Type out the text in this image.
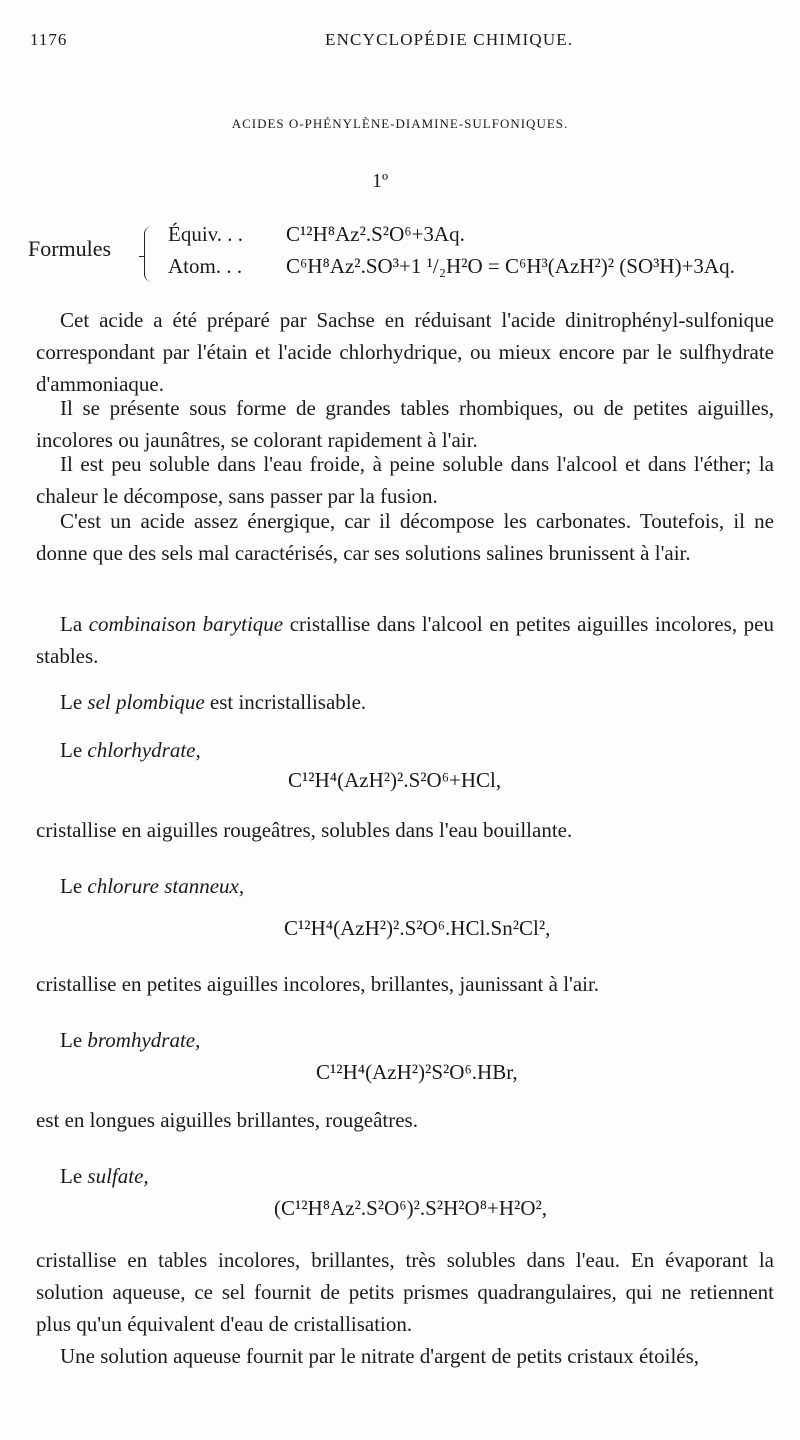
1176	ENCYCLOPÉDIE CHIMIQUE.
ACIDES O-PHÉNYLÈNE-DIAMINE-SULFONIQUES.
1º
Formules
Équiv. . . C¹²H⁸Az².S²O⁶+3Aq.
Atom. . . C⁶H⁸Az².SO³+1 ¹/₂H²O = C⁶H³(AzH²)² (SO³H)+3Aq.

Cet acide a été préparé par Sachse en réduisant l'acide dinitrophényl-sulfonique correspondant par l'étain et l'acide chlorhydrique, ou mieux encore par le sulfhydrate d'ammoniaque.

Il se présente sous forme de grandes tables rhombiques, ou de petites aiguilles, incolores ou jaunâtres, se colorant rapidement à l'air.

Il est peu soluble dans l'eau froide, à peine soluble dans l'alcool et dans l'éther; la chaleur le décompose, sans passer par la fusion.

C'est un acide assez énergique, car il décompose les carbonates. Toutefois, il ne donne que des sels mal caractérisés, car ses solutions salines brunissent à l'air.

La combinaison barytique cristallise dans l'alcool en petites aiguilles incolores, peu stables.

Le sel plombique est incristallisable.

Le chlorhydrate,
C¹²H⁴(AzH²)².S²O⁶+HCl,
cristallise en aiguilles rougeâtres, solubles dans l'eau bouillante.
Le chlorure stanneux,
C¹²H⁴(AzH²)².S²O⁶.HCl.Sn²Cl²,
cristallise en petites aiguilles incolores, brillantes, jaunissant à l'air.
Le bromhydrate,
C¹²H⁴(AzH²)²S²O⁶.HBr,
est en longues aiguilles brillantes, rougeâtres.
Le sulfate,
(C¹²H⁸Az².S²O⁶)².S²H²O⁸+H²O²,

cristallise en tables incolores, brillantes, très solubles dans l'eau. En évaporant la solution aqueuse, ce sel fournit de petits prismes quadrangulaires, qui ne retiennent plus qu'un équivalent d'eau de cristallisation.

Une solution aqueuse fournit par le nitrate d'argent de petits cristaux étoilés,
